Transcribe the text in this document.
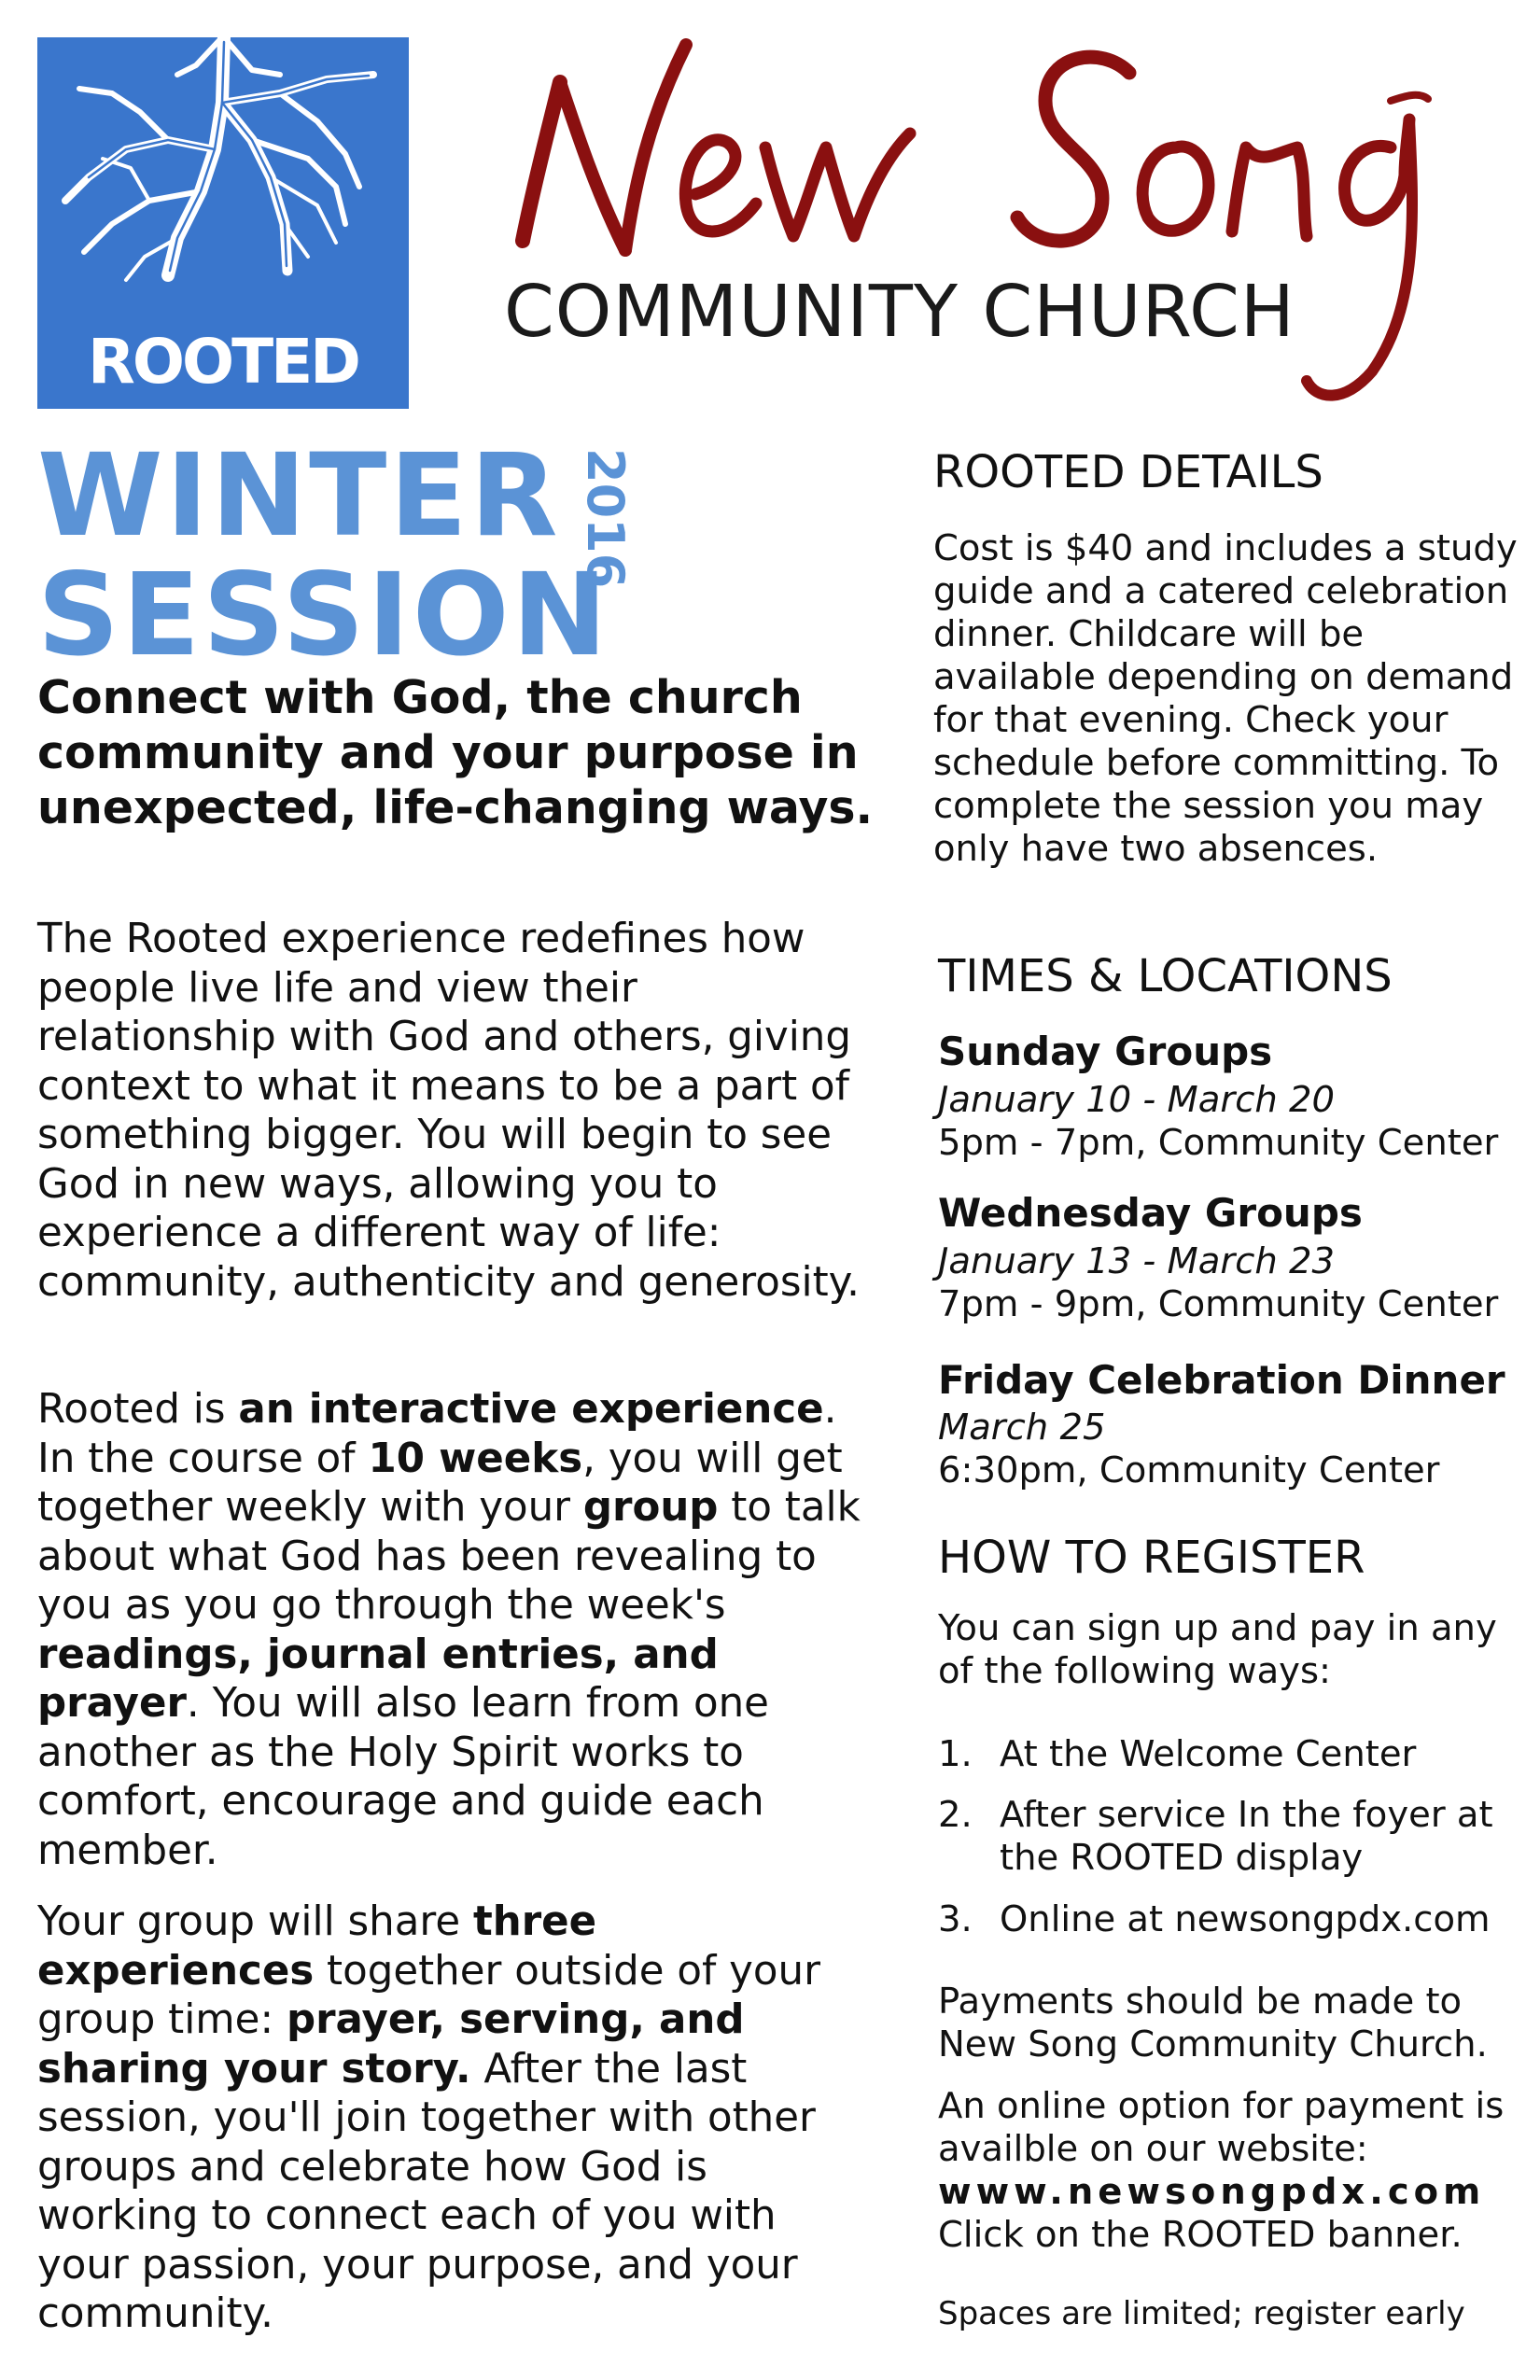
ROOTED
COMMUNITY CHURCH
WINTER
SESSION
2016
Connect with God, the church community and your purpose in unexpected, life-changing ways.

The Rooted experience redefines how people live life and view their relationship with God and others, giving context to what it means to be a part of something bigger. You will begin to see God in new ways, allowing you to experience a different way of life: community, authenticity and generosity.

Rooted is an interactive experience. In the course of 10 weeks, you will get together weekly with your group to talk about what God has been revealing to you as you go through the week's readings, journal entries, and prayer. You will also learn from one another as the Holy Spirit works to comfort, encourage and guide each member.

Your group will share three experiences together outside of your group time: prayer, serving, and sharing your story. After the last session, you'll join together with other groups and celebrate how God is working to connect each of you with your passion, your purpose, and your community.

ROOTED DETAILS

Cost is $40 and includes a study guide and a catered celebration dinner. Childcare will be available depending on demand for that evening. Check your schedule before committing. To complete the session you may only have two absences.

TIMES & LOCATIONS
Sunday Groups
January 10 - March 20
5pm - 7pm, Community Center
Wednesday Groups
January 13 - March 23
7pm - 9pm, Community Center
Friday Celebration Dinner
March 25
6:30pm, Community Center
HOW TO REGISTER

You can sign up and pay in any of the following ways:

1. At the Welcome Center
2. After service In the foyer at the ROOTED display
3. Online at newsongpdx.com

Payments should be made to New Song Community Church.

An online option for payment is availble on our website:
www.newsongpdx.com
Click on the ROOTED banner.

Spaces are limited; register early
